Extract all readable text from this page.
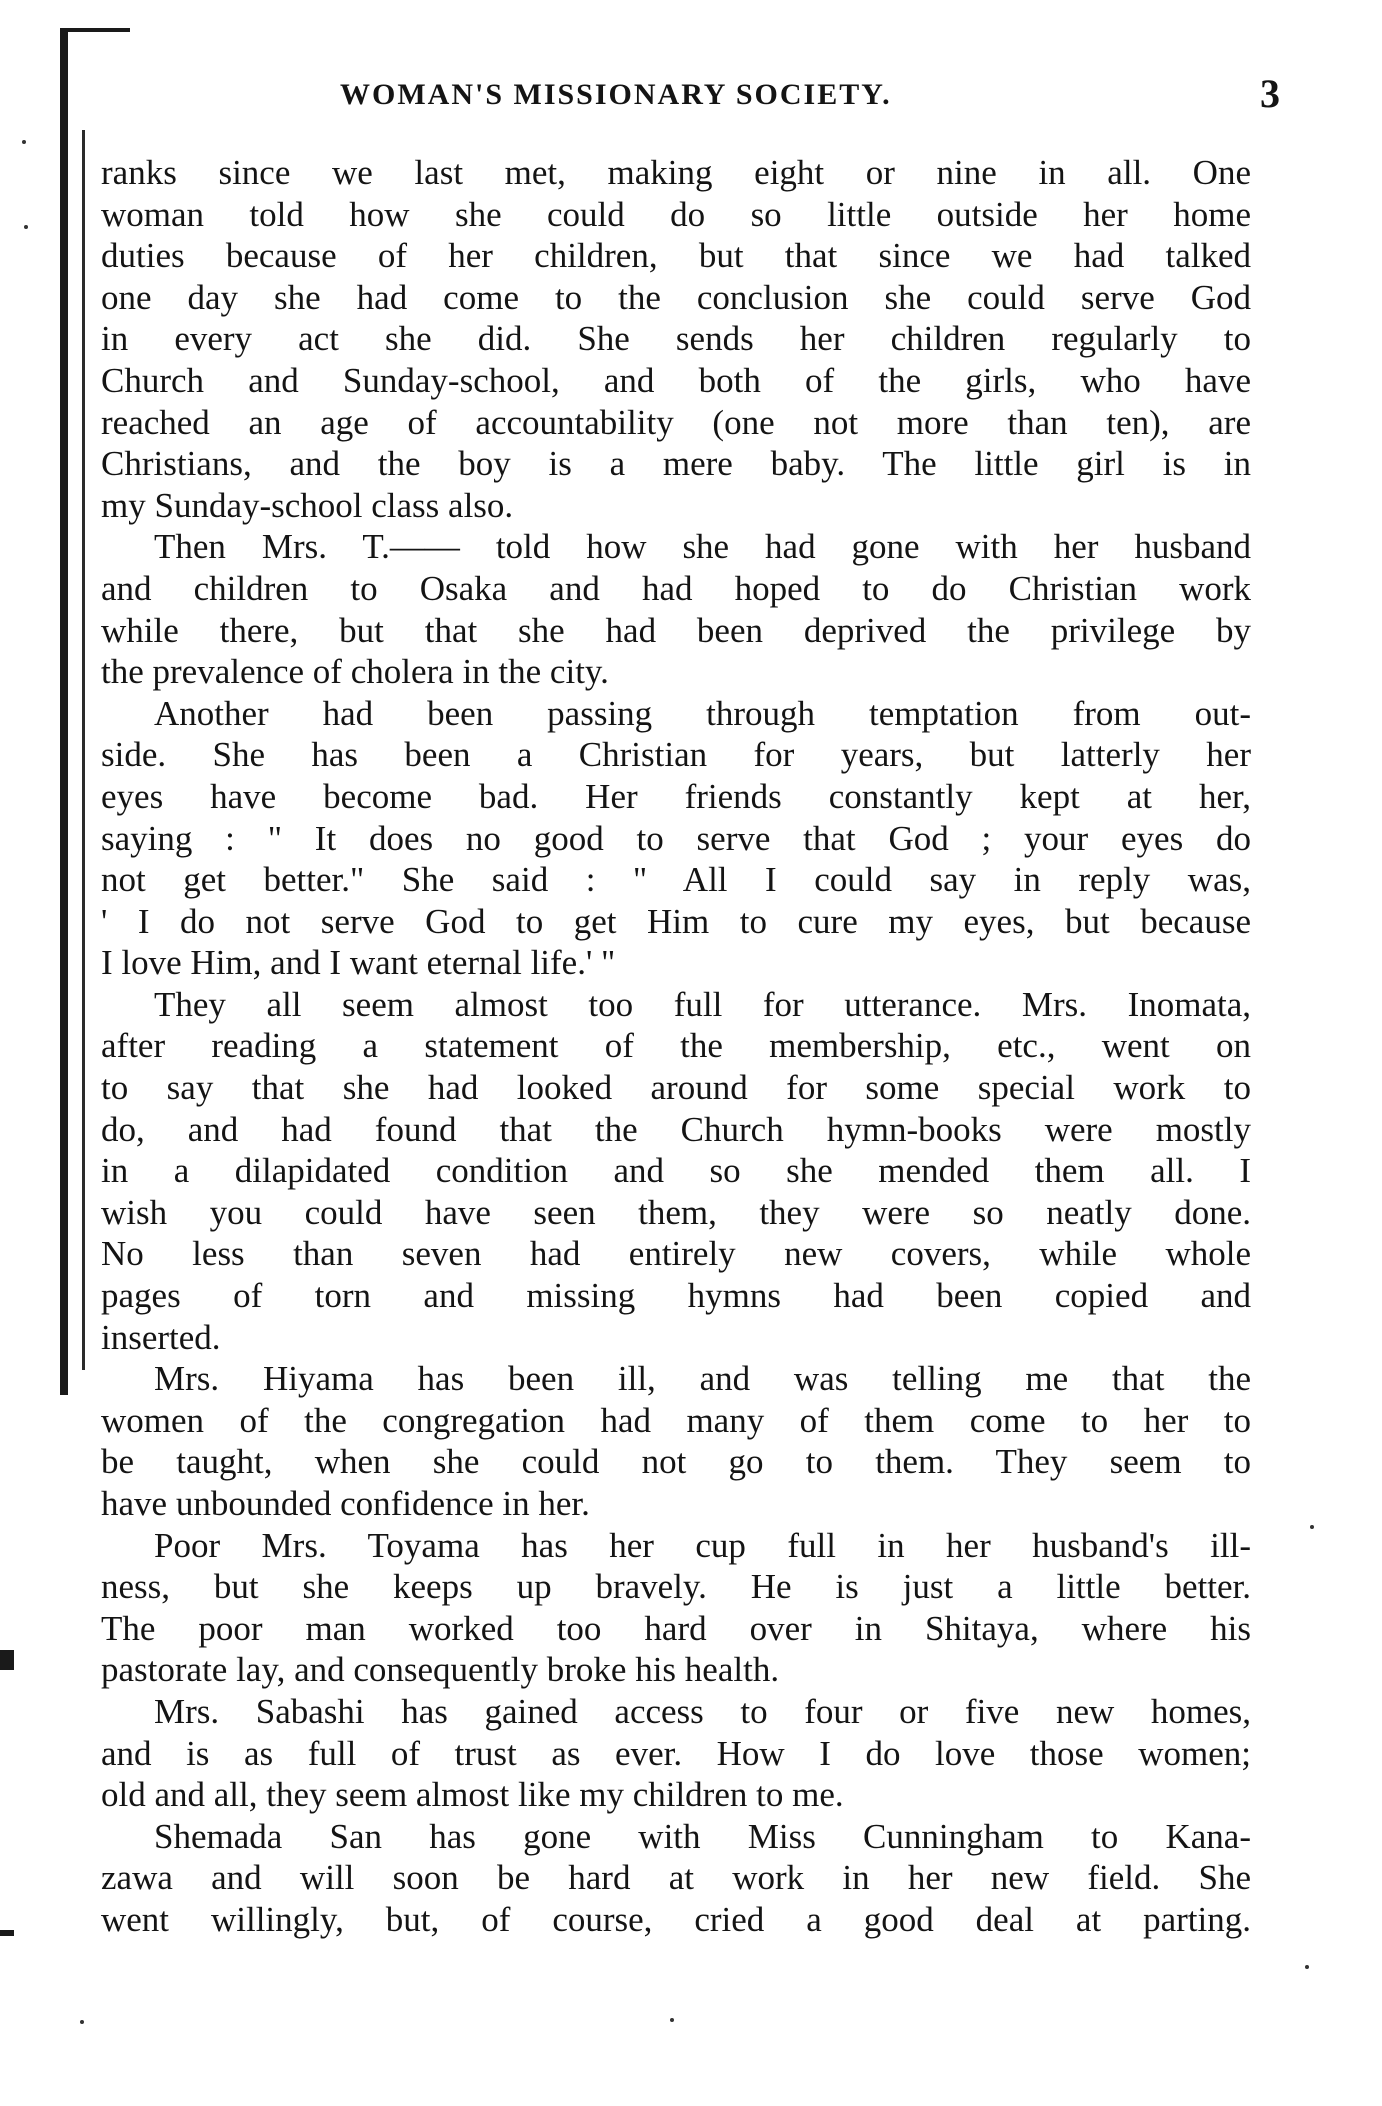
WOMAN'S MISSIONARY SOCIETY.	3
ranks since we last met, making eight or nine in all. One
woman told how she could do so little outside her home
duties because of her children, but that since we had talked
one day she had come to the conclusion she could serve God
in every act she did. She sends her children regularly to
Church and Sunday-school, and both of the girls, who have
reached an age of accountability (one not more than ten), are
Christians, and the boy is a mere baby. The little girl is in
my Sunday-school class also.
Then Mrs. T.—— told how she had gone with her husband
and children to Osaka and had hoped to do Christian work
while there, but that she had been deprived the privilege by
the prevalence of cholera in the city.
Another had been passing through temptation from out-
side. She has been a Christian for years, but latterly her
eyes have become bad. Her friends constantly kept at her,
saying : " It does no good to serve that God ; your eyes do
not get better." She said : " All I could say in reply was,
' I do not serve God to get Him to cure my eyes, but because
I love Him, and I want eternal life.' "
They all seem almost too full for utterance. Mrs. Inomata,
after reading a statement of the membership, etc., went on
to say that she had looked around for some special work to
do, and had found that the Church hymn-books were mostly
in a dilapidated condition and so she mended them all. I
wish you could have seen them, they were so neatly done.
No less than seven had entirely new covers, while whole
pages of torn and missing hymns had been copied and
inserted.
Mrs. Hiyama has been ill, and was telling me that the
women of the congregation had many of them come to her to
be taught, when she could not go to them. They seem to
have unbounded confidence in her.
Poor Mrs. Toyama has her cup full in her husband's ill-
ness, but she keeps up bravely. He is just a little better.
The poor man worked too hard over in Shitaya, where his
pastorate lay, and consequently broke his health.
Mrs. Sabashi has gained access to four or five new homes,
and is as full of trust as ever. How I do love those women;
old and all, they seem almost like my children to me.
Shemada San has gone with Miss Cunningham to Kana-
zawa and will soon be hard at work in her new field. She
went willingly, but, of course, cried a good deal at parting.
